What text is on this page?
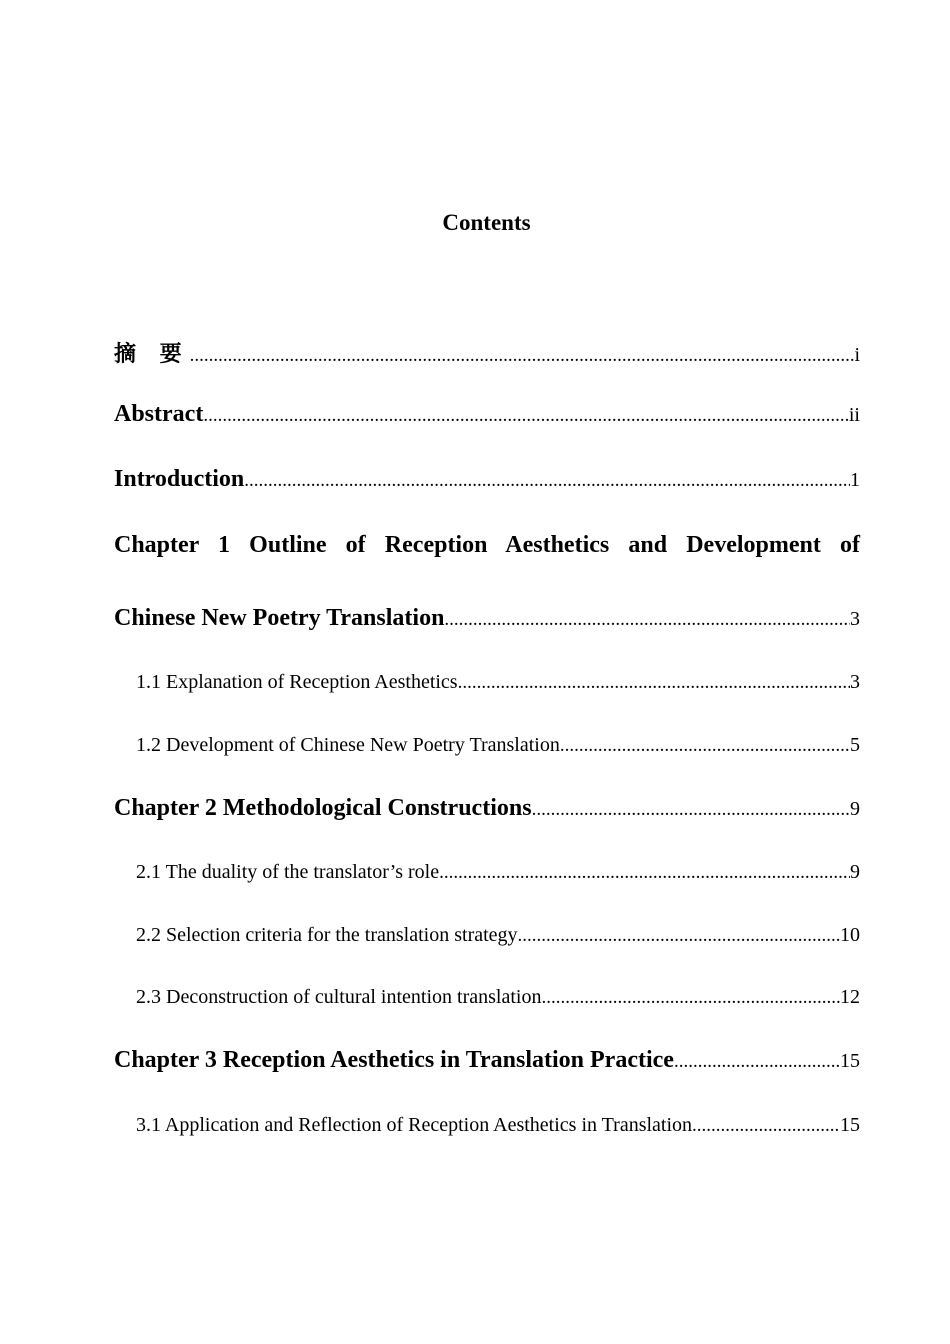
Contents
摘 要 .....	i
Abstract .....	ii
Introduction .....	1
Chapter 1 Outline of Reception Aesthetics and Development of
Chinese New Poetry Translation .....	3
1.1 Explanation of Reception Aesthetics .....	3
1.2 Development of Chinese New Poetry Translation .....	5
Chapter 2 Methodological Constructions .....	9
2.1 The duality of the translator’s role .....	9
2.2 Selection criteria for the translation strategy .....	10
2.3 Deconstruction of cultural intention translation .....	12
Chapter 3 Reception Aesthetics in Translation Practice .....	15
3.1 Application and Reflection of Reception Aesthetics in Translation .....	15
